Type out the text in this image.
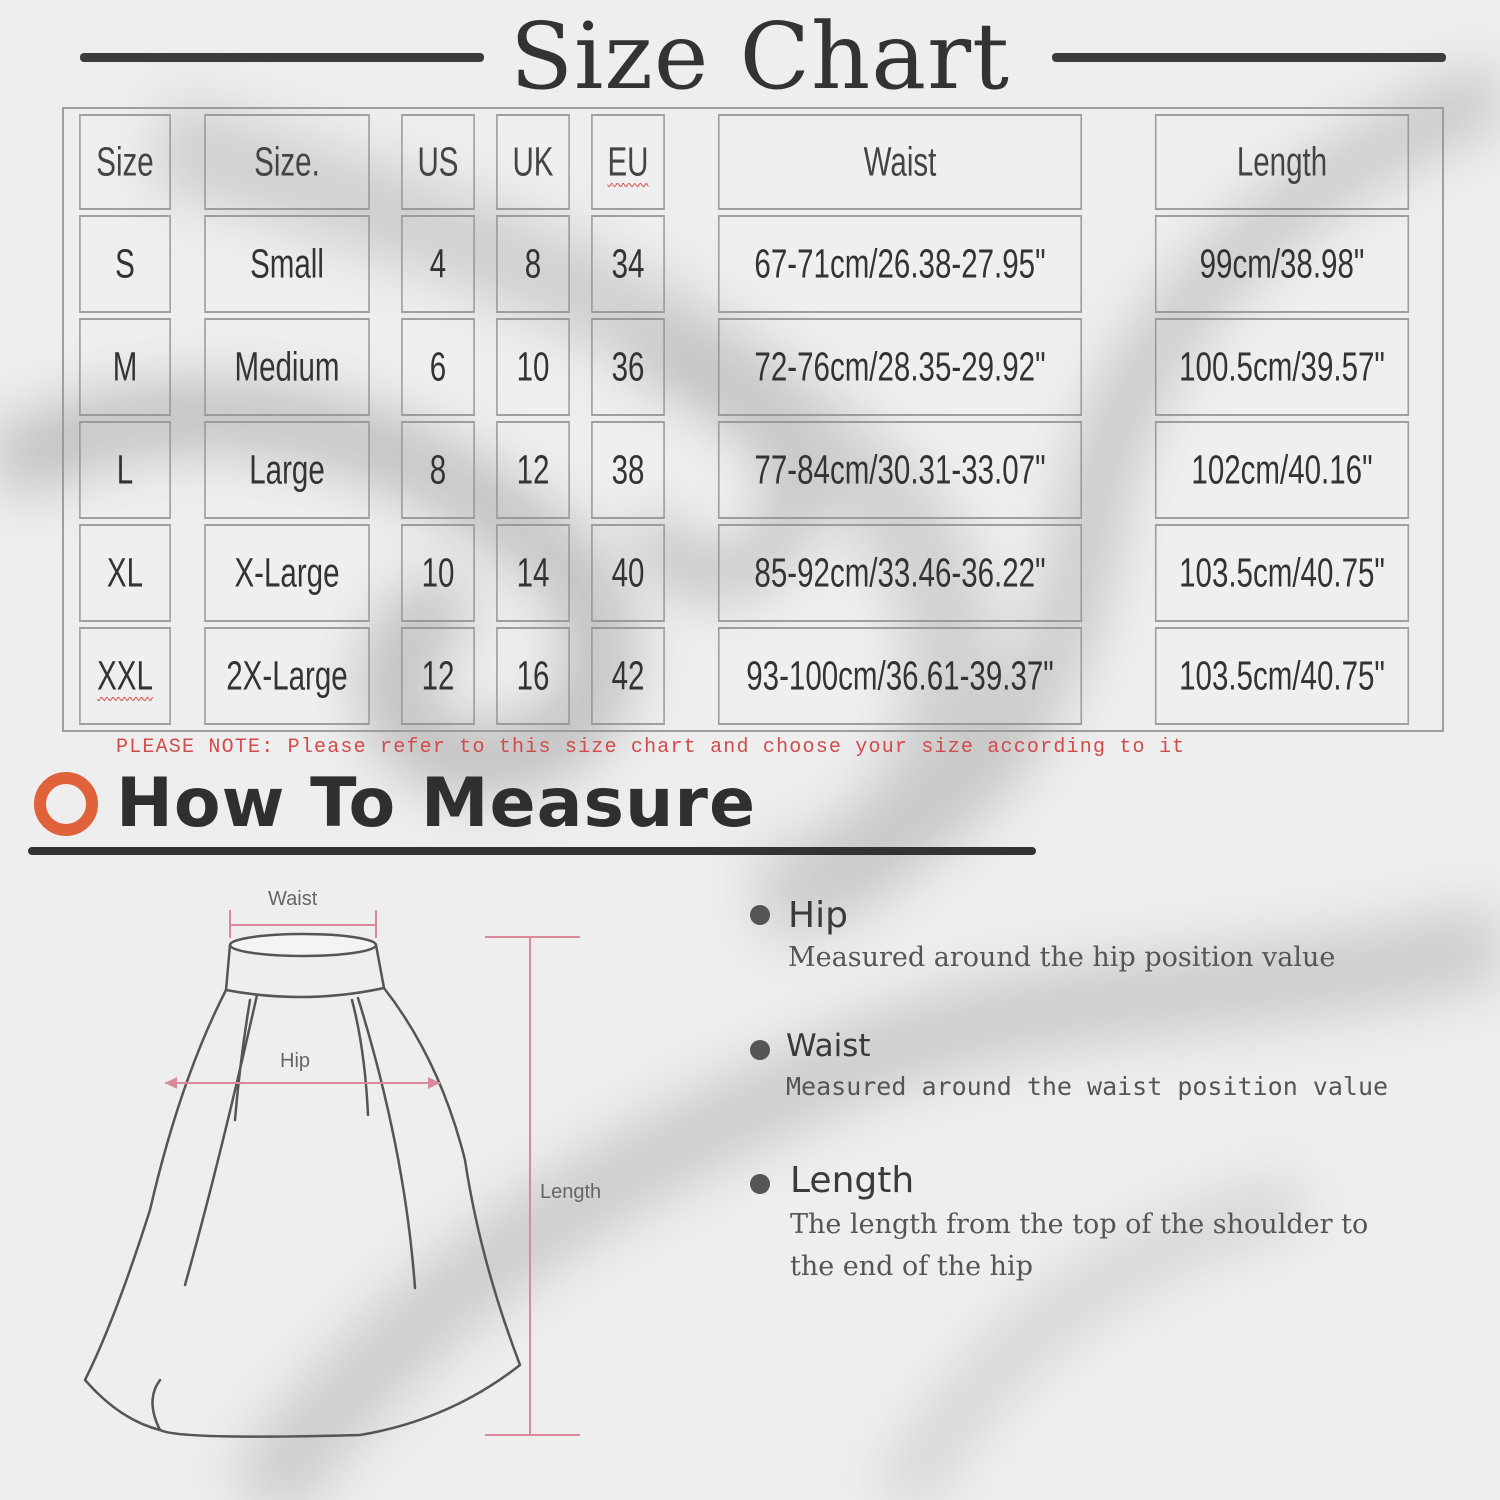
Size Chart
Size	Size.	US	UK	EU	Waist	Length
S	Small	4	8	34	67-71cm/26.38-27.95"	99cm/38.98"
M	Medium	6	10	36	72-76cm/28.35-29.92"	100.5cm/39.57"
L	Large	8	12	38	77-84cm/30.31-33.07"	102cm/40.16"
XL	X-Large	10	14	40	85-92cm/33.46-36.22"	103.5cm/40.75"
XXL	2X-Large	12	16	42	93-100cm/36.61-39.37"	103.5cm/40.75"
PLEASE NOTE: Please refer to this size chart and choose your size according to it
How To Measure
Waist
Hip
Length
Hip
Measured around the hip position value
Waist
Measured around the waist position value
Length
The length from the top of the shoulder to
the end of the hip
